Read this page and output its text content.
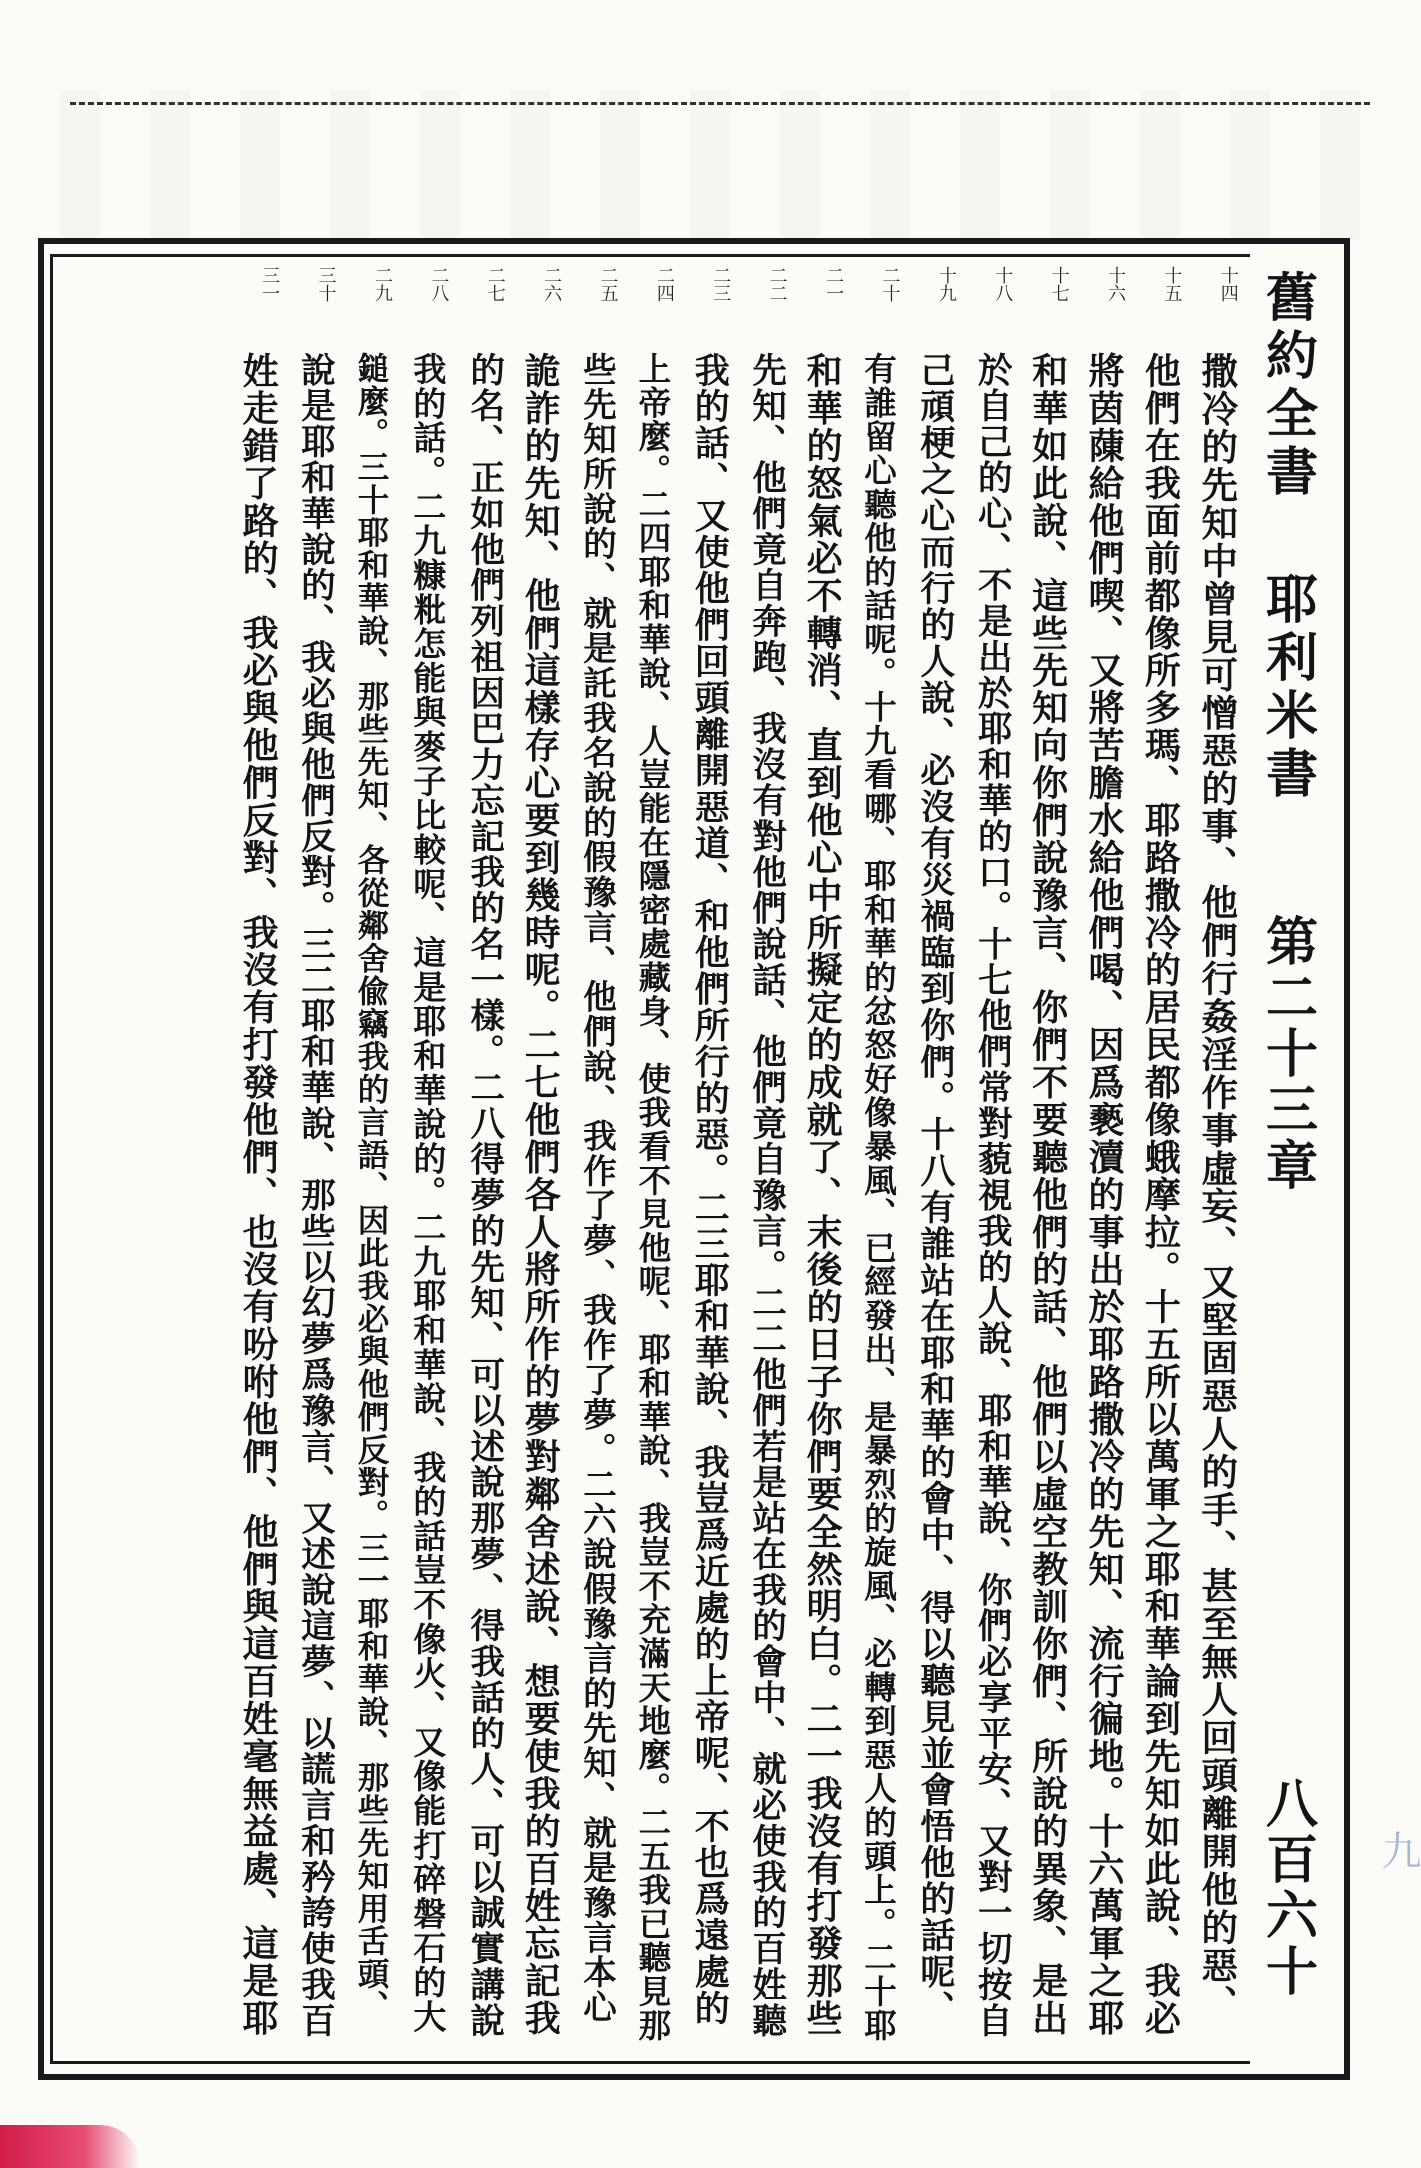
舊約全書
耶利米書
第二十三章
八百六十
十四
撒冷的先知中曾見可憎惡的事、他們行姦淫作事虛妄、又堅固惡人的手、甚至無人回頭離開他的惡、
十五
他們在我面前都像所多瑪、耶路撒冷的居民都像蛾摩拉。十五所以萬軍之耶和華論到先知如此說、我必
十六
將茵蔯給他們喫、又將苦膽水給他們喝、因爲褻瀆的事出於耶路撒冷的先知、流行徧地。十六萬軍之耶
十七
和華如此說、這些先知向你們說豫言、你們不要聽他們的話、他們以虛空教訓你們、所說的異象、是出
十八
於自己的心、不是出於耶和華的口。十七他們常對藐視我的人說、耶和華說、你們必享平安、又對一切按自
十九
己頑梗之心而行的人說、必沒有災禍臨到你們。十八有誰站在耶和華的會中、得以聽見並會悟他的話呢、
二十
有誰留心聽他的話呢。十九看哪、耶和華的忿怒好像暴風、已經發出、是暴烈的旋風、必轉到惡人的頭上。二十耶
二一
和華的怒氣必不轉消、直到他心中所擬定的成就了、末後的日子你們要全然明白。二一我沒有打發那些
二二
先知、他們竟自奔跑、我沒有對他們說話、他們竟自豫言。二二他們若是站在我的會中、就必使我的百姓聽
二三
我的話、又使他們回頭離開惡道、和他們所行的惡。二三耶和華說、我豈爲近處的上帝呢、不也爲遠處的
二四
上帝麼。二四耶和華說、人豈能在隱密處藏身、使我看不見他呢、耶和華說、我豈不充滿天地麼。二五我已聽見那
二五
些先知所說的、就是託我名說的假豫言、他們說、我作了夢、我作了夢。二六說假豫言的先知、就是豫言本心
二六
詭詐的先知、他們這樣存心要到幾時呢。二七他們各人將所作的夢對鄰舍述說、想要使我的百姓忘記我
二七
的名、正如他們列祖因巴力忘記我的名一樣。二八得夢的先知、可以述說那夢、得我話的人、可以誠實講說
二八
我的話。二九糠粃怎能與麥子比較呢、這是耶和華說的。二九耶和華說、我的話豈不像火、又像能打碎磐石的大
二九
鎚麼。三十耶和華說、那些先知、各從鄰舍偸竊我的言語、因此我必與他們反對。三一耶和華說、那些先知用舌頭、
三十
說是耶和華說的、我必與他們反對。三二耶和華說、那些以幻夢爲豫言、又述說這夢、以謊言和矜誇使我百
三一
姓走錯了路的、我必與他們反對、我沒有打發他們、也沒有吩咐他們、他們與這百姓毫無益處、這是耶	九
